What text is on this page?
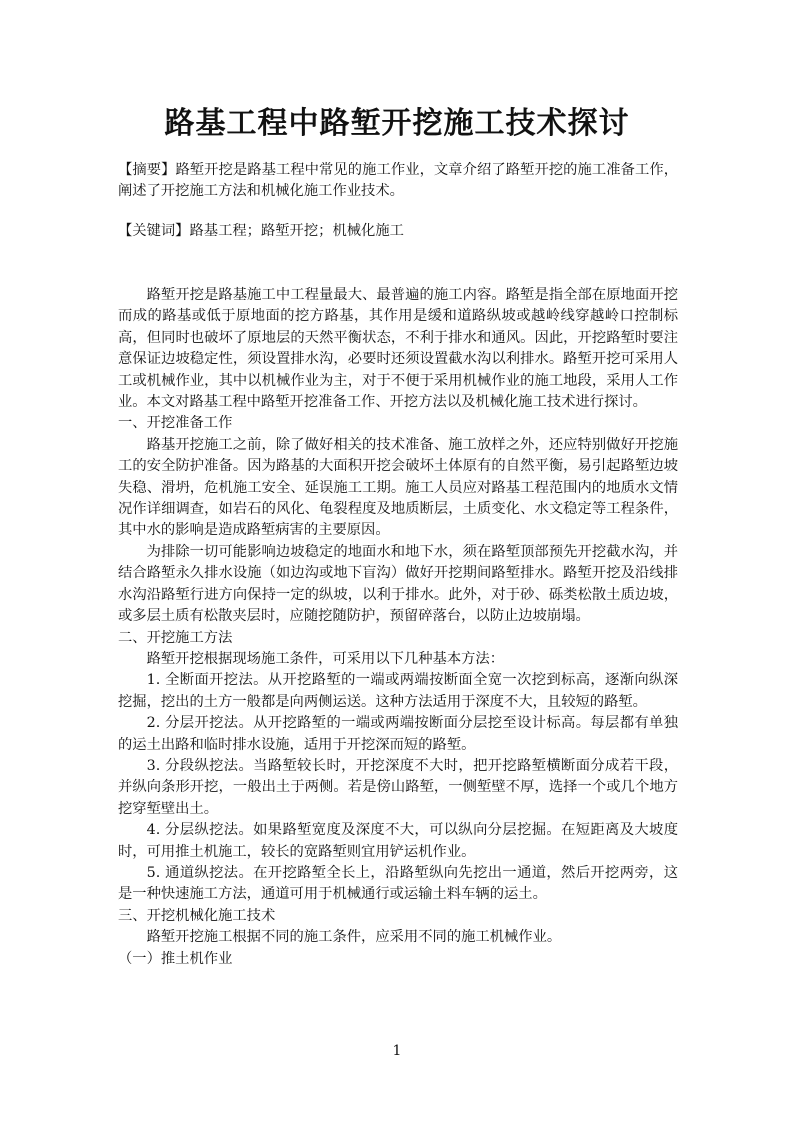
路基工程中路堑开挖施工技术探讨
【摘要】路堑开挖是路基工程中常见的施工作业，文章介绍了路堑开挖的施工准备工作，阐述了开挖施工方法和机械化施工作业技术。
【关键词】路基工程；路堑开挖；机械化施工
路堑开挖是路基施工中工程量最大、最普遍的施工内容。路堑是指全部在原地面开挖而成的路基或低于原地面的挖方路基，其作用是缓和道路纵坡或越岭线穿越岭口控制标高，但同时也破坏了原地层的天然平衡状态，不利于排水和通风。因此，开挖路堑时要注意保证边坡稳定性，须设置排水沟，必要时还须设置截水沟以利排水。路堑开挖可采用人工或机械作业，其中以机械作业为主，对于不便于采用机械作业的施工地段，采用人工作业。本文对路基工程中路堑开挖准备工作、开挖方法以及机械化施工技术进行探讨。
一、开挖准备工作
路基开挖施工之前，除了做好相关的技术准备、施工放样之外，还应特别做好开挖施工的安全防护准备。因为路基的大面积开挖会破坏土体原有的自然平衡，易引起路堑边坡失稳、滑坍，危机施工安全、延误施工工期。施工人员应对路基工程范围内的地质水文情况作详细调查，如岩石的风化、龟裂程度及地质断层，土质变化、水文稳定等工程条件，其中水的影响是造成路堑病害的主要原因。
为排除一切可能影响边坡稳定的地面水和地下水，须在路堑顶部预先开挖截水沟，并结合路堑永久排水设施（如边沟或地下盲沟）做好开挖期间路堑排水。路堑开挖及沿线排水沟沿路堑行进方向保持一定的纵坡，以利于排水。此外，对于砂、砾类松散土质边坡，或多层土质有松散夹层时，应随挖随防护，预留碎落台，以防止边坡崩塌。
二、开挖施工方法
路堑开挖根据现场施工条件，可采用以下几种基本方法：
1. 全断面开挖法。从开挖路堑的一端或两端按断面全宽一次挖到标高，逐渐向纵深挖掘，挖出的土方一般都是向两侧运送。这种方法适用于深度不大，且较短的路堑。
2. 分层开挖法。从开挖路堑的一端或两端按断面分层挖至设计标高。每层都有单独的运土出路和临时排水设施，适用于开挖深而短的路堑。
3. 分段纵挖法。当路堑较长时，开挖深度不大时，把开挖路堑横断面分成若干段，并纵向条形开挖，一般出土于两侧。若是傍山路堑，一侧堑壁不厚，选择一个或几个地方挖穿堑壁出土。
4. 分层纵挖法。如果路堑宽度及深度不大，可以纵向分层挖掘。在短距离及大坡度时，可用推土机施工，较长的宽路堑则宜用铲运机作业。
5. 通道纵挖法。在开挖路堑全长上，沿路堑纵向先挖出一通道，然后开挖两旁，这是一种快速施工方法，通道可用于机械通行或运输土料车辆的运土。
三、开挖机械化施工技术
路堑开挖施工根据不同的施工条件，应采用不同的施工机械作业。
（一）推土机作业
1
